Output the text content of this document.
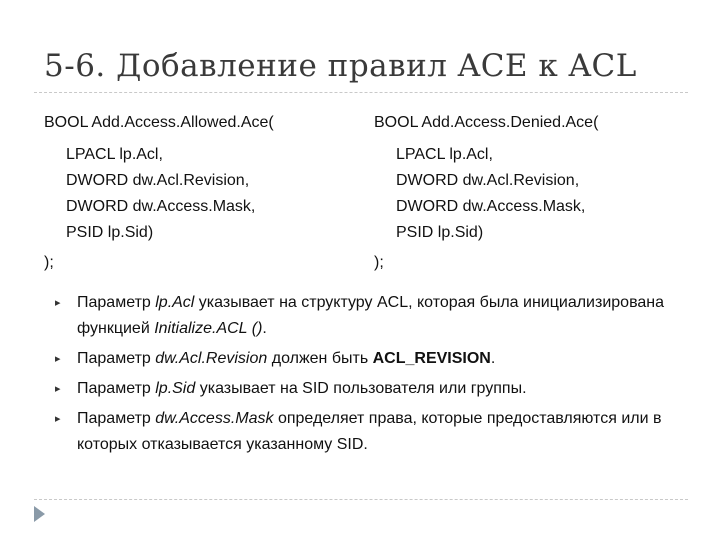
5-6. Добавление правил ACE к ACL
BOOL Add.Access.Allowed.Ace(
LPACL lp.Acl,
DWORD dw.Acl.Revision,
DWORD dw.Access.Mask,
PSID lp.Sid)
);
BOOL Add.Access.Denied.Ace(
LPACL lp.Acl,
DWORD dw.Acl.Revision,
DWORD dw.Access.Mask,
PSID lp.Sid)
);
▸ Параметр lp.Acl указывает на структуру ACL, которая была инициализирована функцией Initialize.ACL ().
▸ Параметр dw.Acl.Revision должен быть ACL_REVISION.
▸ Параметр lp.Sid указывает на SID пользователя или группы.
▸ Параметр dw.Access.Mask определяет права, которые предоставляются или в которых отказывается указанному SID.
